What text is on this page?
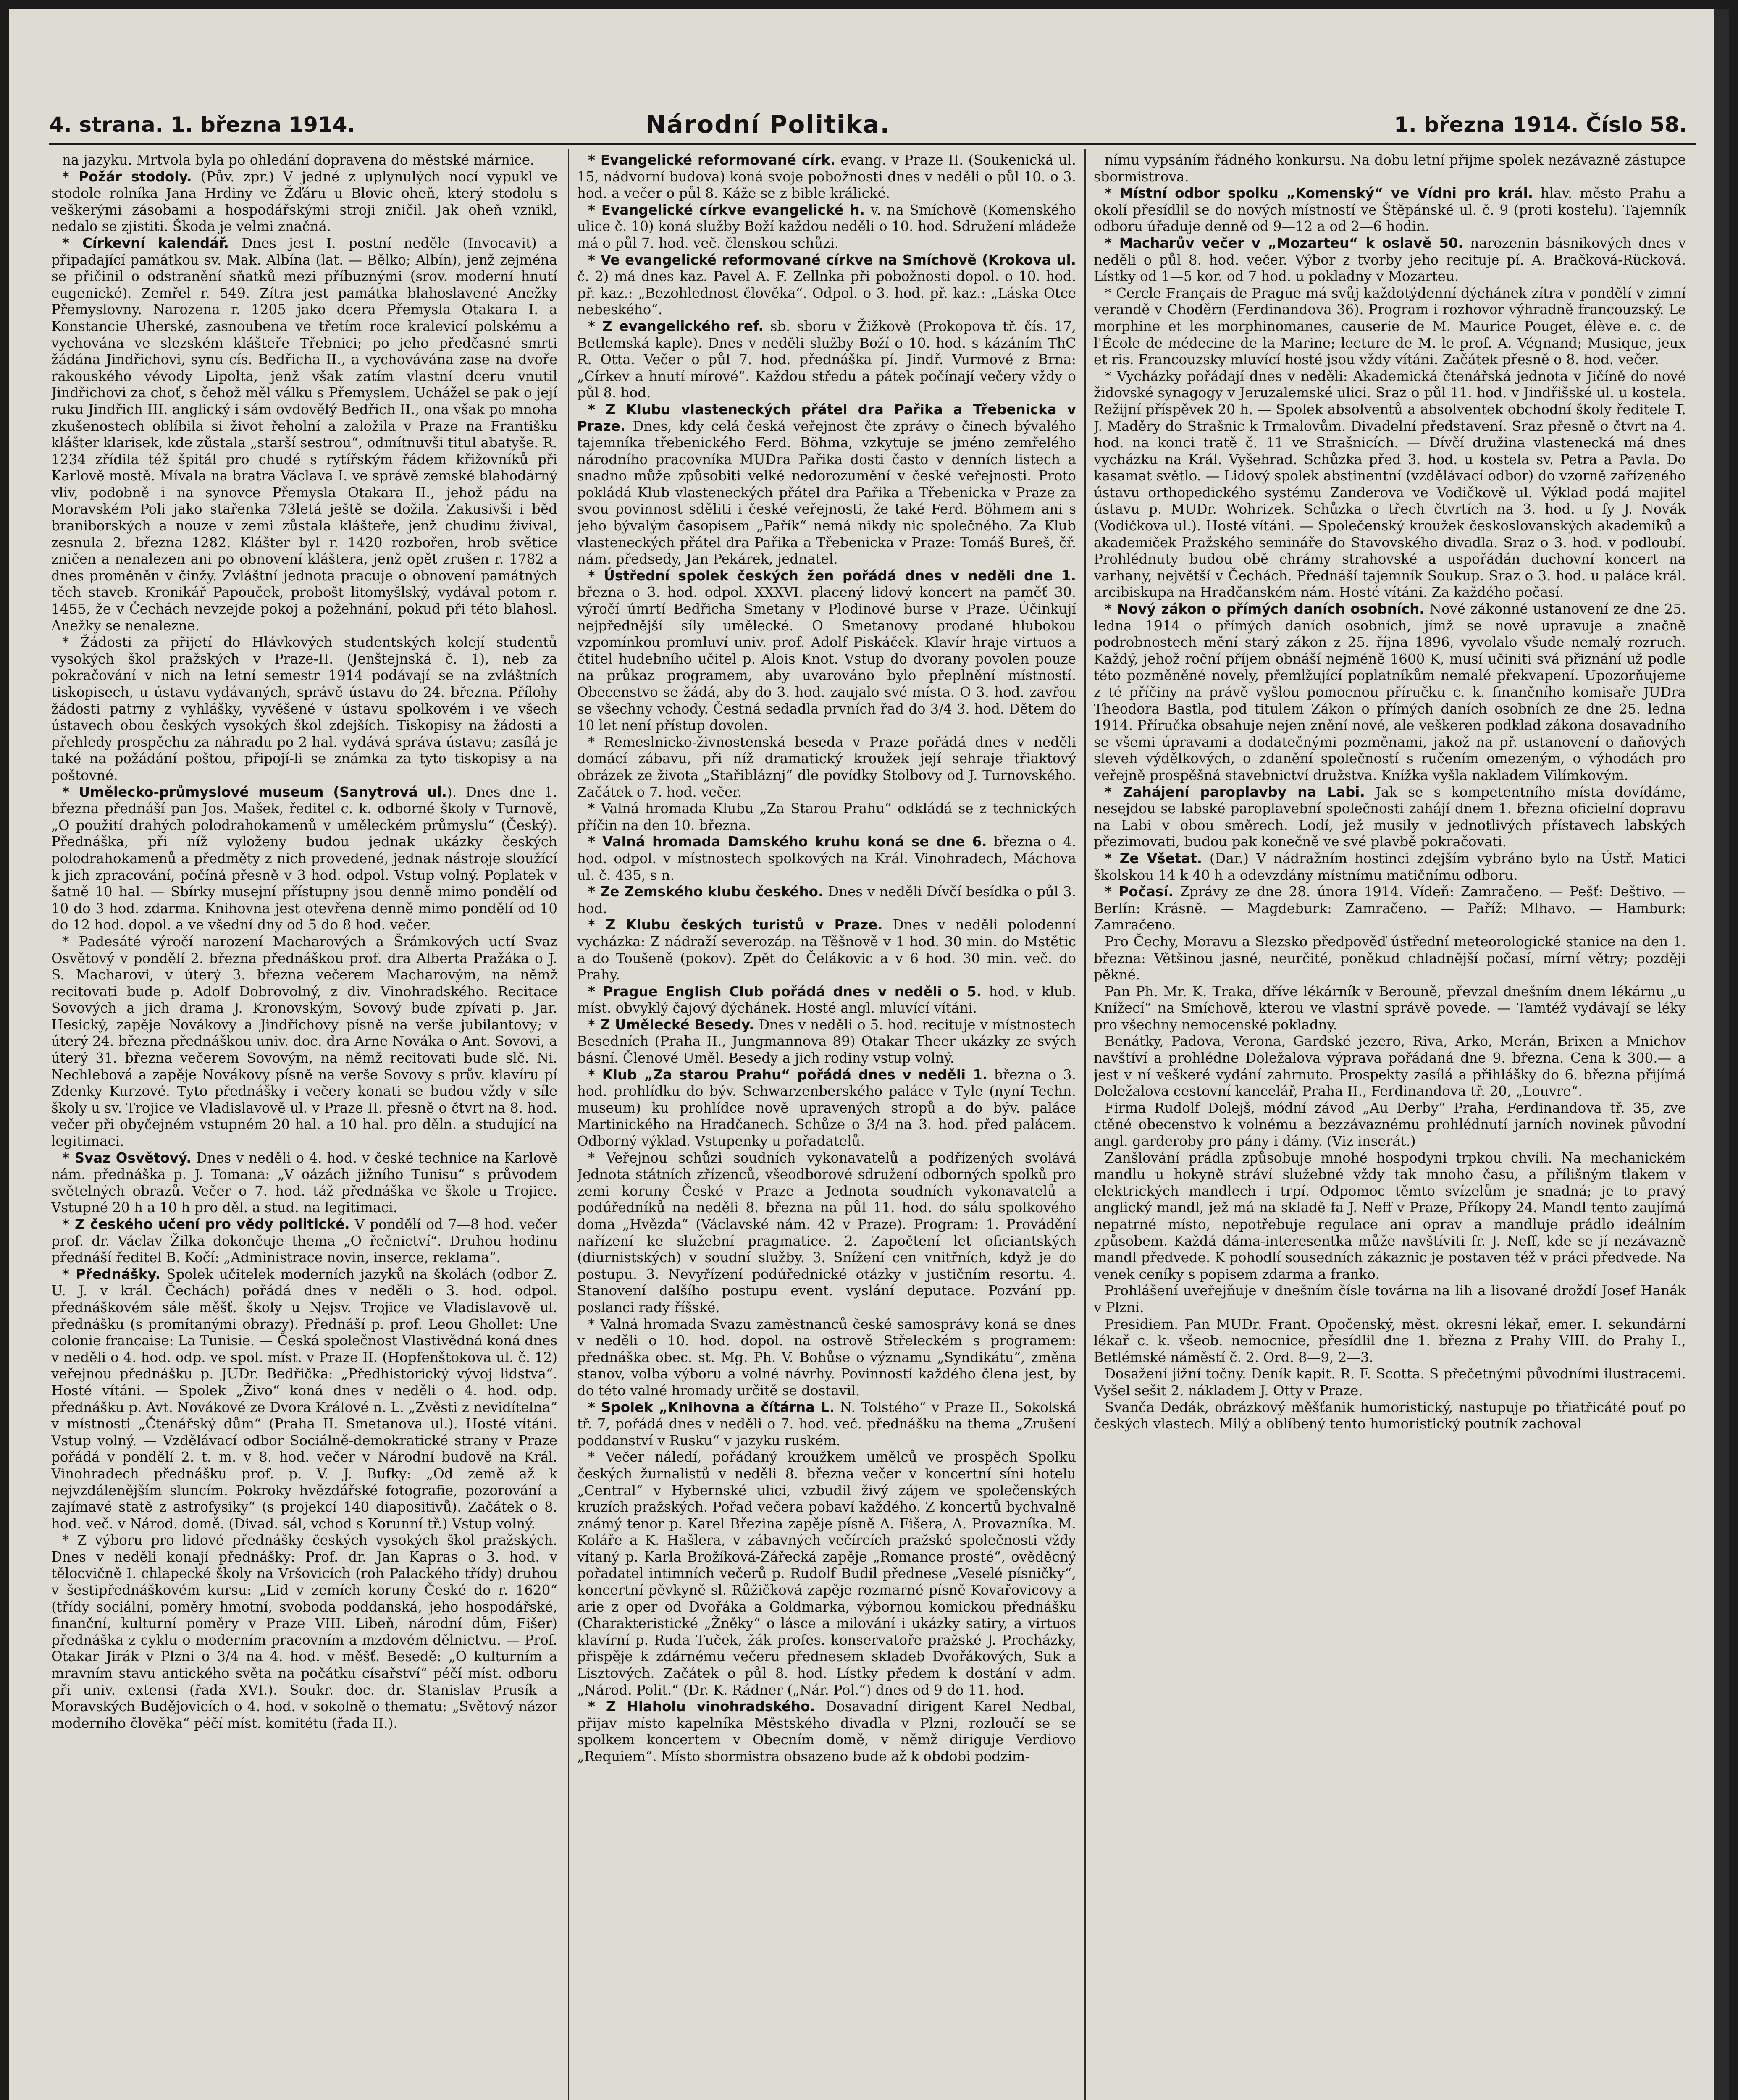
4. strana. 1. března 1914.	Národní Politika.	1. března 1914. Číslo 58.

na jazyku. Mrtvola byla po ohledání dopravena do městské márnice.

* Požár stodoly. (Pův. zpr.) V jedné z uplynulých nocí vypukl ve stodole rolníka Jana Hrdiny ve Žďáru u Blovic oheň, který stodolu s veškerými zásobami a hospodářskými stroji zničil. Jak oheň vznikl, nedalo se zjistiti. Škoda je velmi značná.

* Církevní kalendář. Dnes jest I. postní neděle (Invocavit) a připadající památkou sv. Mak. Albína (lat. — Bělko; Albín), jenž zejména se přičinil o odstranění sňatků mezi příbuznými (srov. moderní hnutí eugenické). Zemřel r. 549. Zítra jest památka blahoslavené Anežky Přemyslovny. Narozena r. 1205 jako dcera Přemysla Otakara I. a Konstancie Uherské, zasnoubena ve třetím roce kralevicí polskému a vychována ve slezském klášteře Třebnici; po jeho předčasné smrti žádána Jindřichovi, synu cís. Bedřicha II., a vychovávána zase na dvoře rakouského vévody Lipolta, jenž však zatím vlastní dceru vnutil Jindřichovi za choť, s čehož měl válku s Přemyslem. Uchážel se pak o její ruku Jindřich III. anglický i sám ovdovělý Bedřich II., ona však po mnoha zkušenostech oblíbila si život řeholní a založila v Praze na Františku klášter klarisek, kde zůstala „starší sestrou“, odmítnuvši titul abatyše. R. 1234 zřídila též špitál pro chudé s rytířským řádem křižovníků při Karlově mostě. Mívala na bratra Václava I. ve správě zemské blahodárný vliv, podobně i na synovce Přemysla Otakara II., jehož pádu na Moravském Poli jako stařenka 73letá ještě se dožila. Zakusivši i běd braniborských a nouze v zemi zůstala klášteře, jenž chudinu živival, zesnula 2. března 1282. Klášter byl r. 1420 rozbořen, hrob světice zničen a nenalezen ani po obnovení kláštera, jenž opět zrušen r. 1782 a dnes proměněn v činžy. Zvláštní jednota pracuje o obnovení památných těch staveb. Kronikář Papouček, probošt litomyšlský, vydával potom r. 1455, že v Čechách nevzejde pokoj a požehnání, pokud při této blahosl. Anežky se nenalezne.

* Žádosti za přijetí do Hlávkových studentských kolejí studentů vysokých škol pražských v Praze-II. (Jenštejnská č. 1), neb za pokračování v nich na letní semestr 1914 podávají se na zvláštních tiskopisech, u ústavu vydávaných, správě ústavu do 24. března. Přílohy žádosti patrny z vyhlášky, vyvěšené v ústavu spolkovém i ve všech ústavech obou českých vysokých škol zdejších. Tiskopisy na žádosti a přehledy prospěchu za náhradu po 2 hal. vydává správa ústavu; zasílá je také na požádání poštou, připojí-li se známka za tyto tiskopisy a na poštovné.

* Umělecko-průmyslové museum (Sanytrová ul.). Dnes dne 1. března přednáší pan Jos. Mašek, ředitel c. k. odborné školy v Turnově, „O použití drahých polodrahokamenů v uměleckém průmyslu“ (Český). Přednáška, při níž vyloženy budou jednak ukázky českých polodrahokamenů a předměty z nich provedené, jednak nástroje sloužící k jich zpracování, počíná přesně v 3 hod. odpol. Vstup volný. Poplatek v šatně 10 hal. — Sbírky musejní přístupny jsou denně mimo pondělí od 10 do 3 hod. zdarma. Knihovna jest otevřena denně mimo pondělí od 10 do 12 hod. dopol. a ve všední dny od 5 do 8 hod. večer.

* Padesáté výročí narození Macharových a Šrámkových uctí Svaz Osvětový v pondělí 2. března přednáškou prof. dra Alberta Pražáka o J. S. Macharovi, v úterý 3. března večerem Macharovým, na němž recitovati bude p. Adolf Dobrovolný, z div. Vinohradského. Recitace Sovových a jich drama J. Kronovským, Sovový bude zpívati p. Jar. Hesický, zapěje Novákovy a Jindřichovy písně na verše jubilantovy; v úterý 24. března přednáškou univ. doc. dra Arne Nováka o Ant. Sovovi, a úterý 31. března večerem Sovovým, na němž recitovati bude slč. Ni. Nechlebová a zapěje Novákovy písně na verše Sovovy s prův. klavíru pí Zdenky Kurzové. Tyto přednášky i večery konati se budou vždy v síle školy u sv. Trojice ve Vladislavově ul. v Praze II. přesně o čtvrt na 8. hod. večer při obyčejném vstupném 20 hal. a 10 hal. pro děln. a studující na legitimaci.

* Svaz Osvětový. Dnes v neděli o 4. hod. v české technice na Karlově nám. přednáška p. J. Tomana: „V oázách jižního Tunisu“ s průvodem světelných obrazů. Večer o 7. hod. táž přednáška ve škole u Trojice. Vstupné 20 h a 10 h pro děl. a stud. na legitimaci.

* Z českého učení pro vědy politické. V pondělí od 7—8 hod. večer prof. dr. Václav Žilka dokončuje thema „O řečnictví“. Druhou hodinu přednáší ředitel B. Kočí: „Administrace novin, inserce, reklama“.

* Přednášky. Spolek učitelek moderních jazyků na školách (odbor Z. U. J. v král. Čechách) pořádá dnes v neděli o 3. hod. odpol. přednáškovém sále měšť. školy u Nejsv. Trojice ve Vladislavově ul. přednášku (s promítanými obrazy). Přednáší p. prof. Leou Ghollet: Une colonie francaise: La Tunisie. — Česká společnost Vlastivědná koná dnes v neděli o 4. hod. odp. ve spol. míst. v Praze II. (Hopfenštokova ul. č. 12) veřejnou přednášku p. JUDr. Bedřička: „Předhistorický vývoj lidstva“. Hosté vítáni. — Spolek „Živo“ koná dnes v neděli o 4. hod. odp. přednášku p. Avt. Novákové ze Dvora Králové n. L. „Zvěsti z nevidítelna“ v místnosti „Čtenářský dům“ (Praha II. Smetanova ul.). Hosté vítáni. Vstup volný. — Vzdělávací odbor Sociálně-demokratické strany v Praze pořádá v pondělí 2. t. m. v 8. hod. večer v Národní budově na Král. Vinohradech přednášku prof. p. V. J. Bufky: „Od země až k nejvzdálenějším sluncím. Pokroky hvězdářské fotografie, pozorování a zajímavé statě z astrofysiky“ (s projekcí 140 diapositivů). Začátek o 8. hod. več. v Národ. domě. (Divad. sál, vchod s Korunní tř.) Vstup volný.

* Z výboru pro lidové přednášky českých vysokých škol pražských. Dnes v neděli konají přednášky: Prof. dr. Jan Kapras o 3. hod. v tělocvičně I. chlapecké školy na Vršovicích (roh Palackého třídy) druhou v šestipřednáškovém kursu: „Lid v zemích koruny České do r. 1620“ (třídy sociální, poměry hmotní, svoboda poddanská, jeho hospodářské, finanční, kulturní poměry v Praze VIII. Libeň, národní dům, Fišer) přednáška z cyklu o moderním pracovním a mzdovém dělnictvu. — Prof. Otakar Jirák v Plzni o 3/4 na 4. hod. v měšť. Besedě: „O kulturním a mravním stavu antického světa na počátku císařství“ péčí míst. odboru při univ. extensi (řada XVI.). Soukr. doc. dr. Stanislav Prusík a Moravských Budějovicích o 4. hod. v sokolně o thematu: „Světový názor moderního člověka“ péčí míst. komitétu (řada II.).

* Evangelické reformované círk. evang. v Praze II. (Soukenická ul. 15, nádvorní budova) koná svoje pobožnosti dnes v neděli o půl 10. o 3. hod. a večer o půl 8. Káže se z bible králické.

* Evangelické církve evangelické h. v. na Smíchově (Komenského ulice č. 10) koná služby Boží každou neděli o 10. hod. Sdružení mládeže má o půl 7. hod. več. členskou schůzi.

* Ve evangelické reformované církve na Smíchově (Krokova ul. č. 2) má dnes kaz. Pavel A. F. Zellnka při pobožnosti dopol. o 10. hod. př. kaz.: „Bezohlednost člověka“. Odpol. o 3. hod. př. kaz.: „Láska Otce nebeského“.

* Z evangelického ref. sb. sboru v Žižkově (Prokopova tř. čís. 17, Betlemská kaple). Dnes v neděli služby Boží o 10. hod. s kázáním ThC R. Otta. Večer o půl 7. hod. přednáška pí. Jindř. Vurmové z Brna: „Církev a hnutí mírové“. Každou středu a pátek počínají večery vždy o půl 8. hod.

* Z Klubu vlasteneckých přátel dra Pařika a Třebenicka v Praze. Dnes, kdy celá česká veřejnost čte zprávy o činech bývalého tajemníka třebenického Ferd. Böhma, vzkytuje se jméno zemřelého národního pracovníka MUDra Pařika dosti často v denních listech a snadno může způsobiti velké nedorozumění v české veřejnosti. Proto pokládá Klub vlasteneckých přátel dra Pařika a Třebenicka v Praze za svou povinnost sděliti i české veřejnosti, že také Ferd. Böhmem ani s jeho bývalým časopisem „Pařík“ nemá nikdy nic společného. Za Klub vlasteneckých přátel dra Pařika a Třebenicka v Praze: Tomáš Bureš, čř. nám. předsedy, Jan Pekárek, jednatel.

* Ústřední spolek českých žen pořádá dnes v neděli dne 1. března o 3. hod. odpol. XXXVI. placený lidový koncert na paměť 30. výročí úmrtí Bedřicha Smetany v Plodinové burse v Praze. Účinkují nejpřednější síly umělecké. O Smetanovy prodané hlubokou vzpomínkou promluví univ. prof. Adolf Piskáček. Klavír hraje virtuos a čtitel hudebního učitel p. Alois Knot. Vstup do dvorany povolen pouze na průkaz programem, aby uvarováno bylo přeplnění místností. Obecenstvo se žádá, aby do 3. hod. zaujalo své místa. O 3. hod. zavřou se všechny vchody. Čestná sedadla prvních řad do 3/4 3. hod. Dětem do 10 let není přístup dovolen.

* Remeslnicko-živnostenská beseda v Praze pořádá dnes v neděli domácí zábavu, při níž dramatický kroužek její sehraje třiaktový obrázek ze života „Stařibláznj“ dle povídky Stolbovy od J. Turnovského. Začátek o 7. hod. večer.

* Valná hromada Klubu „Za Starou Prahu“ odkládá se z technických příčin na den 10. března.

* Valná hromada Damského kruhu koná se dne 6. března o 4. hod. odpol. v místnostech spolkových na Král. Vinohradech, Máchova ul. č. 435, s n.

* Ze Zemského klubu českého. Dnes v neděli Dívčí besídka o půl 3. hod.

* Z Klubu českých turistů v Praze. Dnes v neděli polodenní vycházka: Z nádraží severozáp. na Těšnově v 1 hod. 30 min. do Mstětic a do Toušeně (pokov). Zpět do Čelákovic a v 6 hod. 30 min. več. do Prahy.

* Prague English Club pořádá dnes v neděli o 5. hod. v klub. míst. obvyklý čajový dýchánek. Hosté angl. mluvící vítáni.

* Z Umělecké Besedy. Dnes v neděli o 5. hod. recituje v místnostech Besedních (Praha II., Jungmannova 89) Otakar Theer ukázky ze svých básní. Členové Uměl. Besedy a jich rodiny vstup volný.

* Klub „Za starou Prahu“ pořádá dnes v neděli 1. března o 3. hod. prohlídku do býv. Schwarzenberského paláce v Tyle (nyní Techn. museum) ku prohlídce nově upravených stropů a do býv. paláce Martinického na Hradčanech. Schůze o 3/4 na 3. hod. před palácem. Odborný výklad. Vstupenky u pořadatelů.

* Veřejnou schůzi soudních vykonavatelů a podřízených svolává Jednota státních zřízenců, všeodborové sdružení odborných spolků pro zemi koruny České v Praze a Jednota soudních vykonavatelů a podúředníků na neděli 8. března na půl 11. hod. do sálu spolkového doma „Hvězda“ (Václavské nám. 42 v Praze). Program: 1. Provádění nařízení ke služební pragmatice. 2. Započtení let oficiantských (diurnistských) v soudní služby. 3. Snížení cen vnitřních, když je do postupu. 3. Nevyřízení podúřednické otázky v justičním resortu. 4. Stanovení dalšího postupu event. vyslání deputace. Pozvání pp. poslanci rady říšské.

* Valná hromada Svazu zaměstnanců české samosprávy koná se dnes v neděli o 10. hod. dopol. na ostrově Střeleckém s programem: přednáška obec. st. Mg. Ph. V. Bohůse o významu „Syndikátu“, změna stanov, volba výboru a volné návrhy. Povinností každého člena jest, by do této valné hromady určitě se dostavil.

* Spolek „Knihovna a čítárna L. N. Tolstého“ v Praze II., Sokolská tř. 7, pořádá dnes v neděli o 7. hod. več. přednášku na thema „Zrušení poddanství v Rusku“ v jazyku ruském.

* Večer náledí, pořádaný kroužkem umělců ve prospěch Spolku českých žurnalistů v neděli 8. března večer v koncertní síni hotelu „Central“ v Hybernské ulici, vzbudil živý zájem ve společenských kruzích pražských. Pořad večera pobaví každého. Z koncertů bychvalně známý tenor p. Karel Březina zapěje písně A. Fišera, A. Provazníka. M. Koláře a K. Hašlera, v zábavných večírcích pražské společnosti vždy vítaný p. Karla Brožíková-Zářecká zapěje „Romance prosté“, ověděcný pořadatel intimních večerů p. Rudolf Budil přednese „Veselé písničky“, koncertní pěvkyně sl. Růžičková zapěje rozmarné písně Kovařovicovy a arie z oper od Dvořáka a Goldmarka, výbornou komickou přednášku (Charakteristické „Žněky“ o lásce a milování i ukázky satiry, a virtuos klavírní p. Ruda Tuček, žák profes. konservatoře pražské J. Procházky, přispěje k zdárnému večeru přednesem skladeb Dvořákových, Suk a Lisztových. Začátek o půl 8. hod. Lístky předem k dostání v adm. „Národ. Polit.“ (Dr. K. Rádner („Nár. Pol.“) dnes od 9 do 11. hod.

* Z Hlaholu vinohradského. Dosavadní dirigent Karel Nedbal, přijav místo kapelníka Městského divadla v Plzni, rozloučí se se spolkem koncertem v Obecním domě, v němž diriguje Verdiovo „Requiem“. Místo sbormistra obsazeno bude až k obdobi podzim-

nímu vypsáním řádného konkursu. Na dobu letní přijme spolek nezávazně zástupce sbormistrova.

* Místní odbor spolku „Komenský“ ve Vídni pro král. hlav. město Prahu a okolí přesídlil se do nových místností ve Štěpánské ul. č. 9 (proti kostelu). Tajemník odboru úřaduje denně od 9—12 a od 2—6 hodin.

* Macharův večer v „Mozarteu“ k oslavě 50. narozenin básnikových dnes v neděli o půl 8. hod. večer. Výbor z tvorby jeho recituje pí. A. Bračková-Rücková. Lístky od 1—5 kor. od 7 hod. u pokladny v Mozarteu.

* Cercle Français de Prague má svůj každotýdenní dýchánek zítra v pondělí v zimní verandě v Choděrn (Ferdinandova 36). Program i rozhovor výhradně francouzský. Le morphine et les morphinomanes, causerie de M. Maurice Pouget, élève e. c. de l'École de médecine de la Marine; lecture de M. le prof. A. Végnand; Musique, jeux et ris. Francouzsky mluvící hosté jsou vždy vítáni. Začátek přesně o 8. hod. večer.

* Vycházky pořádají dnes v neděli: Akademická čtenářská jednota v Jičíně do nové židovské synagogy v Jeruzalemské ulici. Sraz o půl 11. hod. v Jindřišské ul. u kostela. Režijní příspěvek 20 h. — Spolek absolventů a absolventek obchodní školy ředitele T. J. Maděry do Strašnic k Trmalovům. Divadelní představení. Sraz přesně o čtvrt na 4. hod. na konci tratě č. 11 ve Strašnicích. — Dívčí družina vlastenecká má dnes vycházku na Král. Vyšehrad. Schůzka před 3. hod. u kostela sv. Petra a Pavla. Do kasamat světlo. — Lidový spolek abstinentní (vzdělávací odbor) do vzorně zařízeného ústavu orthopedického systému Zanderova ve Vodičkově ul. Výklad podá majitel ústavu p. MUDr. Wohrizek. Schůzka o třech čtvrtích na 3. hod. u fy J. Novák (Vodičkova ul.). Hosté vítáni. — Společenský kroužek českoslovanských akademiků a akademiček Pražského semináře do Stavovského divadla. Sraz o 3. hod. v podloubí. Prohlédnuty budou obě chrámy strahovské a uspořádán duchovní koncert na varhany, největší v Čechách. Přednáší tajemník Soukup. Sraz o 3. hod. u paláce král. arcibiskupa na Hradčanském nám. Hosté vítáni. Za každého počasí.

* Nový zákon o přímých daních osobních. Nové zákonné ustanovení ze dne 25. ledna 1914 o přímých daních osobních, jímž se nově upravuje a značně podrobnostech mění starý zákon z 25. října 1896, vyvolalo všude nemalý rozruch. Každý, jehož roční příjem obnáší nejméně 1600 K, musí učiniti svá přiznání už podle této pozměněné novely, přemlžující poplatníkům nemalé překvapení. Upozorňujeme z té příčiny na právě vyšlou pomocnou příručku c. k. finančního komisaře JUDra Theodora Bastla, pod titulem Zákon o přímých daních osobních ze dne 25. ledna 1914. Příručka obsahuje nejen znění nové, ale veškeren podklad zákona dosavadního se všemi úpravami a dodatečnými pozměnami, jakož na př. ustanovení o daňových sleveh výdělkových, o zdanění společností s ručením omezeným, o výhodách pro veřejně prospěšná stavebnictví družstva. Knížka vyšla nakladem Vilímkovým.

* Zahájení paroplavby na Labi. Jak se s kompetentního místa dovídáme, nesejdou se labské paroplavební společnosti zahájí dnem 1. března oficielní dopravu na Labi v obou směrech. Lodí, jež musily v jednotlivých přístavech labských přezimovati, budou pak konečně ve své plavbě pokračovati.

* Ze Všetat. (Dar.) V nádražním hostinci zdejším vybráno bylo na Ústř. Matici školskou 14 k 40 h a odevzdány místnímu matičnímu odboru.

* Počasí. Zprávy ze dne 28. února 1914. Vídeň: Zamračeno. — Pešť: Deštivo. — Berlín: Krásně. — Magdeburk: Zamračeno. — Paříž: Mlhavo. — Hamburk: Zamračeno.

Pro Čechy, Moravu a Slezsko předpověď ústřední meteorologické stanice na den 1. března: Většinou jasné, neurčité, poněkud chladnější počasí, mírní větry; později pěkné.

Pan Ph. Mr. K. Traka, dříve lékárník v Berouně, převzal dnešním dnem lékárnu „u Knížecí“ na Smíchově, kterou ve vlastní správě povede. — Tamtéž vydávají se léky pro všechny nemocenské pokladny.

Benátky, Padova, Verona, Gardské jezero, Riva, Arko, Merán, Brixen a Mnichov navštíví a prohlédne Doležalova výprava pořádaná dne 9. března. Cena k 300.— a jest v ní veškeré vydání zahrnuto. Prospekty zasílá a přihlášky do 6. března přijímá Doležalova cestovní kancelář, Praha II., Ferdinandova tř. 20, „Louvre“.

Firma Rudolf Dolejš, módní závod „Au Derby“ Praha, Ferdinandova tř. 35, zve ctěné obecenstvo k volnému a bezzávaznému prohlédnutí jarních novinek původní angl. garderoby pro pány i dámy. (Viz inserát.)

Zanšlování prádla způsobuje mnohé hospodyni trpkou chvíli. Na mechanickém mandlu u hokyně stráví služebné vždy tak mnoho času, a přílišným tlakem v elektrických mandlech i trpí. Odpomoc těmto svízelům je snadná; je to pravý anglický mandl, jež má na skladě fa J. Neff v Praze, Příkopy 24. Mandl tento zaujímá nepatrné místo, nepotřebuje regulace ani oprav a mandluje prádlo ideálním způsobem. Každá dáma-interesentka může navštíviti fr. J. Neff, kde se jí nezávazně mandl předvede. K pohodlí sousedních zákaznic je postaven též v práci předvede. Na venek ceníky s popisem zdarma a franko.

Prohlášení uveřejňuje v dnešním čísle továrna na lih a lisované droždí Josef Hanák v Plzni.

Presidiem. Pan MUDr. Frant. Opočenský, měst. okresní lékař, emer. I. sekundární lékař c. k. všeob. nemocnice, přesídlil dne 1. března z Prahy VIII. do Prahy I., Betlémské náměstí č. 2. Ord. 8—9, 2—3.

Dosažení jižní točny. Deník kapit. R. F. Scotta. S přečetnými původními ilustracemi. Vyšel sešit 2. nákladem J. Otty v Praze.

Svanča Dedák, obrázkový měšťanik humoristický, nastupuje po třiatřicáté pouť po českých vlastech. Milý a oblíbený tento humoristický poutník zachoval
